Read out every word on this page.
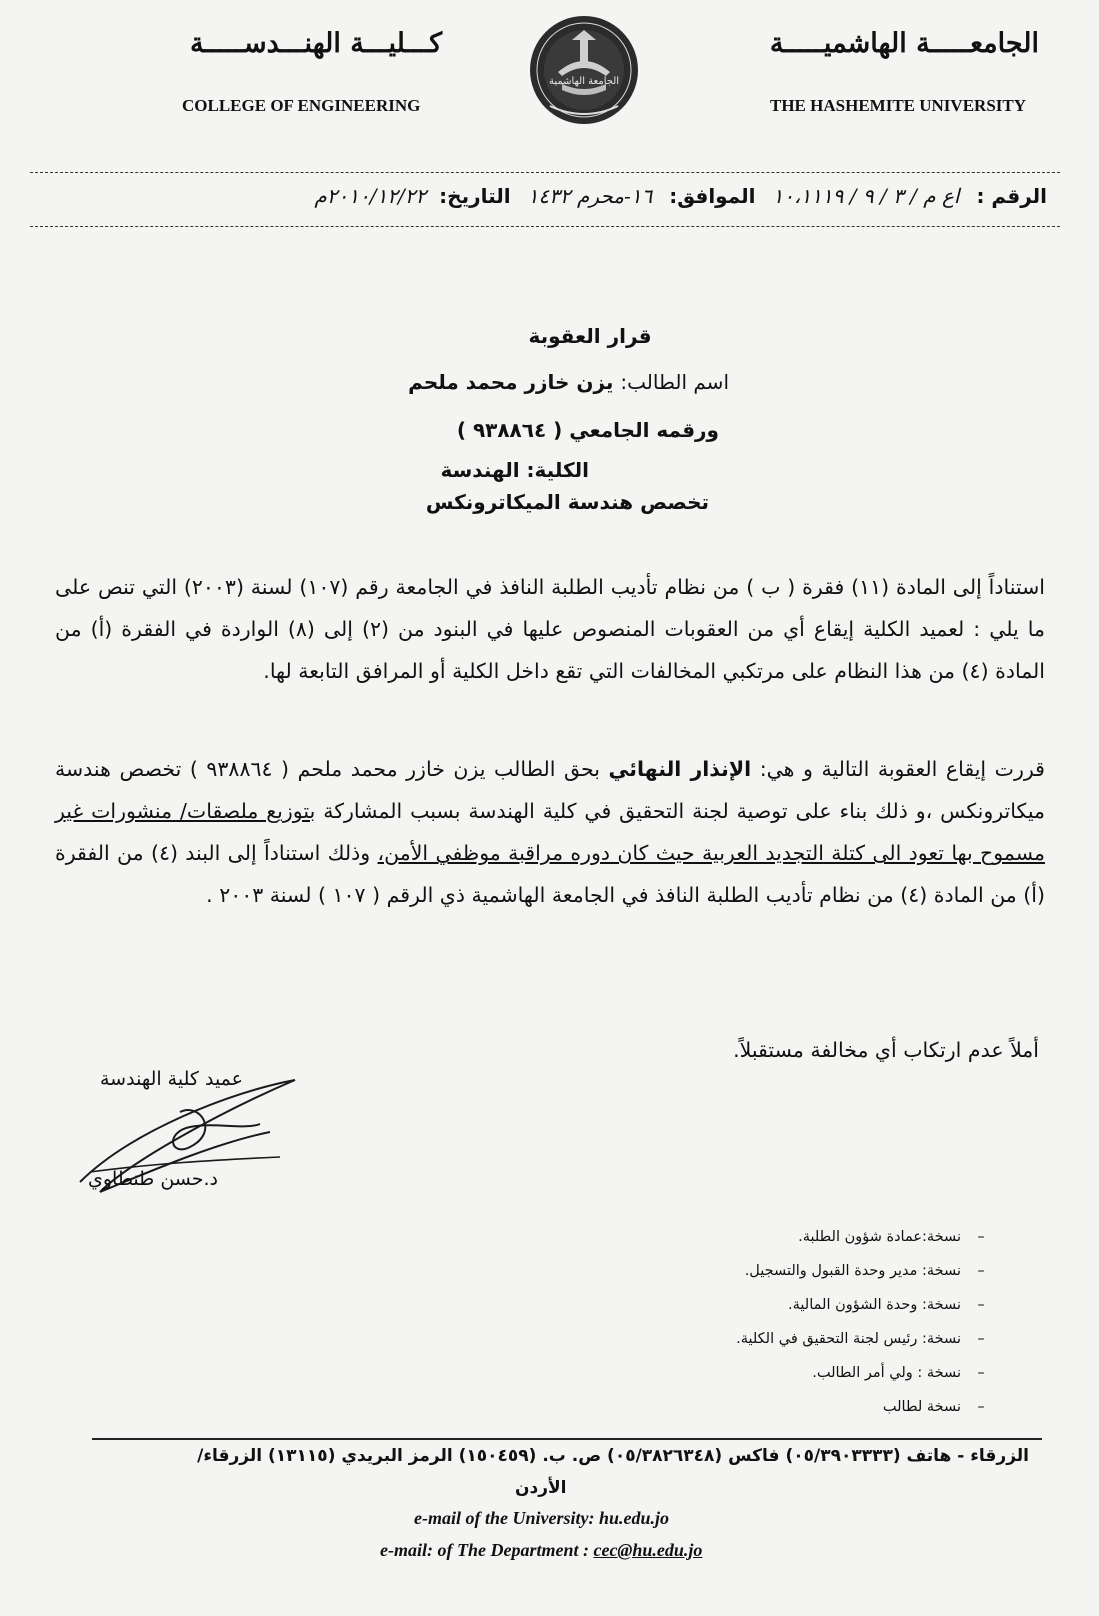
الجامعـــــة الهاشميـــــة
THE HASHEMITE UNIVERSITY
كـــليـــة الهنـــدســـــة
COLLEGE OF ENGINEERING
الجامعة الهاشمية
الرقم : اع م / ٣ / ٩ / ١٠،١١١٩ الموافق: ١٦-محرم ١٤٣٢ التاريخ: ٢٠١٠/١٢/٢٢م
قرار العقوبة
اسم الطالب: يزن خازر محمد ملحم
ورقمه الجامعي ( ٩٣٨٨٦٤ )
الكلية: الهندسة
تخصص هندسة الميكاترونكس
استناداً إلى المادة (١١) فقرة ( ب ) من نظام تأديب الطلبة النافذ في الجامعة رقم (١٠٧) لسنة (٢٠٠٣) التي تنص على ما يلي : لعميد الكلية إيقاع أي من العقوبات المنصوص عليها في البنود من (٢) إلى (٨) الواردة في الفقرة (أ) من المادة (٤) من هذا النظام على مرتكبي المخالفات التي تقع داخل الكلية أو المرافق التابعة لها.
قررت إيقاع العقوبة التالية و هي: الإنذار النهائي بحق الطالب يزن خازر محمد ملحم ( ٩٣٨٨٦٤ ) تخصص هندسة ميكاترونكس ،و ذلك بناء على توصية لجنة التحقيق في كلية الهندسة بسبب المشاركة بتوزيع ملصقات/ منشورات غير مسموح بها تعود الى كتلة التجديد العربية حيث كان دوره مراقبة موظفي الأمن، وذلك استناداً إلى البند (٤) من الفقرة (أ) من المادة (٤) من نظام تأديب الطلبة النافذ في الجامعة الهاشمية ذي الرقم ( ١٠٧ ) لسنة ٢٠٠٣ .
أملاً عدم ارتكاب أي مخالفة مستقبلاً.
عميد كلية الهندسة
د.حسن طنطاوي
– نسخة:عمادة شؤون الطلبة.
– نسخة: مدير وحدة القبول والتسجيل.
– نسخة: وحدة الشؤون المالية.
– نسخة: رئيس لجنة التحقيق في الكلية.
– نسخة : ولي أمر الطالب.
– نسخة لطالب
الزرقاء - هاتف (٠٥/٣٩٠٣٣٣٣) فاكس (٠٥/٣٨٢٦٣٤٨) ص. ب. (١٥٠٤٥٩) الرمز البريدي (١٣١١٥) الزرقاء/
الأردن
e-mail of the University: hu.edu.jo
e-mail: of The Department : cec@hu.edu.jo
